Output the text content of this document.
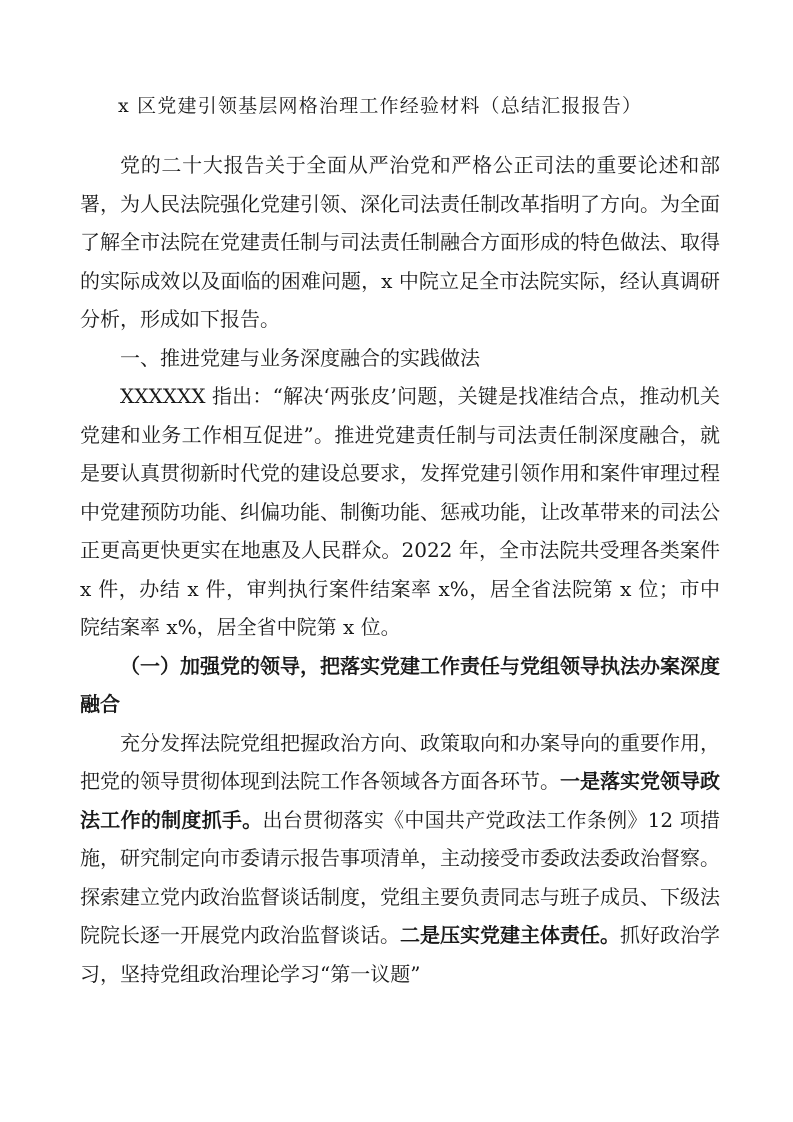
x 区党建引领基层网格治理工作经验材料（总结汇报报告）

党的二十大报告关于全面从严治党和严格公正司法的重要论述和部署，为人民法院强化党建引领、深化司法责任制改革指明了方向。为全面了解全市法院在党建责任制与司法责任制融合方面形成的特色做法、取得的实际成效以及面临的困难问题，x 中院立足全市法院实际，经认真调研分析，形成如下报告。

一、推进党建与业务深度融合的实践做法

XXXXXX 指出：“解决‘两张皮’问题，关键是找准结合点，推动机关党建和业务工作相互促进”。推进党建责任制与司法责任制深度融合，就是要认真贯彻新时代党的建设总要求，发挥党建引领作用和案件审理过程中党建预防功能、纠偏功能、制衡功能、惩戒功能，让改革带来的司法公正更高更快更实在地惠及人民群众。2022 年，全市法院共受理各类案件 x 件，办结 x 件，审判执行案件结案率 x%，居全省法院第 x 位；市中院结案率 x%，居全省中院第 x 位。

（一）加强党的领导，把落实党建工作责任与党组领导执法办案深度融合

充分发挥法院党组把握政治方向、政策取向和办案导向的重要作用，把党的领导贯彻体现到法院工作各领域各方面各环节。一是落实党领导政法工作的制度抓手。出台贯彻落实《中国共产党政法工作条例》12 项措施，研究制定向市委请示报告事项清单，主动接受市委政法委政治督察。探索建立党内政治监督谈话制度，党组主要负责同志与班子成员、下级法院院长逐一开展党内政治监督谈话。二是压实党建主体责任。抓好政治学习，坚持党组政治理论学习“第一议题”
